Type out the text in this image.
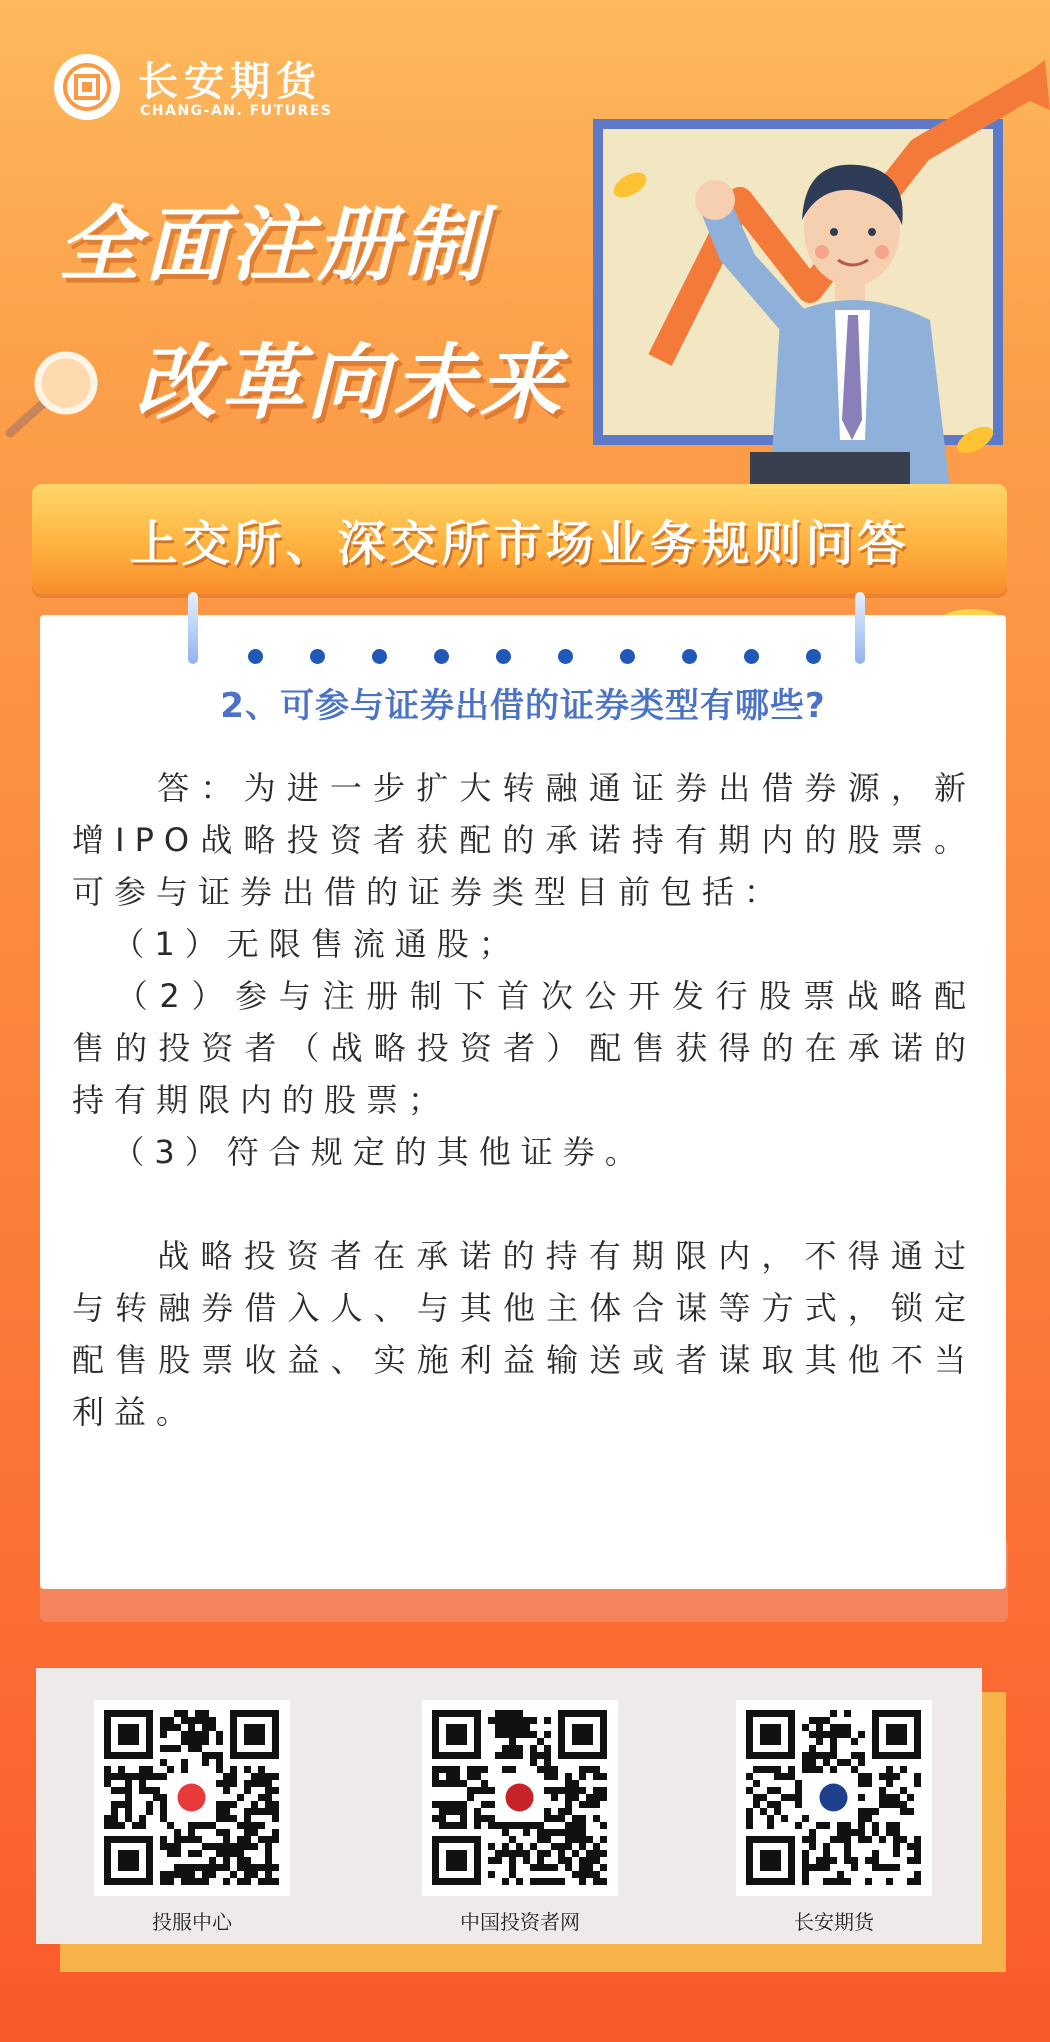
长安期货
CHANG-AN. FUTURES
全面注册制
改革向未来
上交所、深交所市场业务规则问答
2、可参与证券出借的证券类型有哪些?
答：为进一步扩大转融通证券出借券源，新增IPO战略投资者获配的承诺持有期内的股票。可参与证券出借的证券类型目前包括：
（1）无限售流通股；
（2）参与注册制下首次公开发行股票战略配售的投资者（战略投资者）配售获得的在承诺的持有期限内的股票；
（3）符合规定的其他证券。

战略投资者在承诺的持有期限内，不得通过与转融券借入人、与其他主体合谋等方式，锁定配售股票收益、实施利益输送或者谋取其他不当利益。
投服中心	中国投资者网	长安期货
